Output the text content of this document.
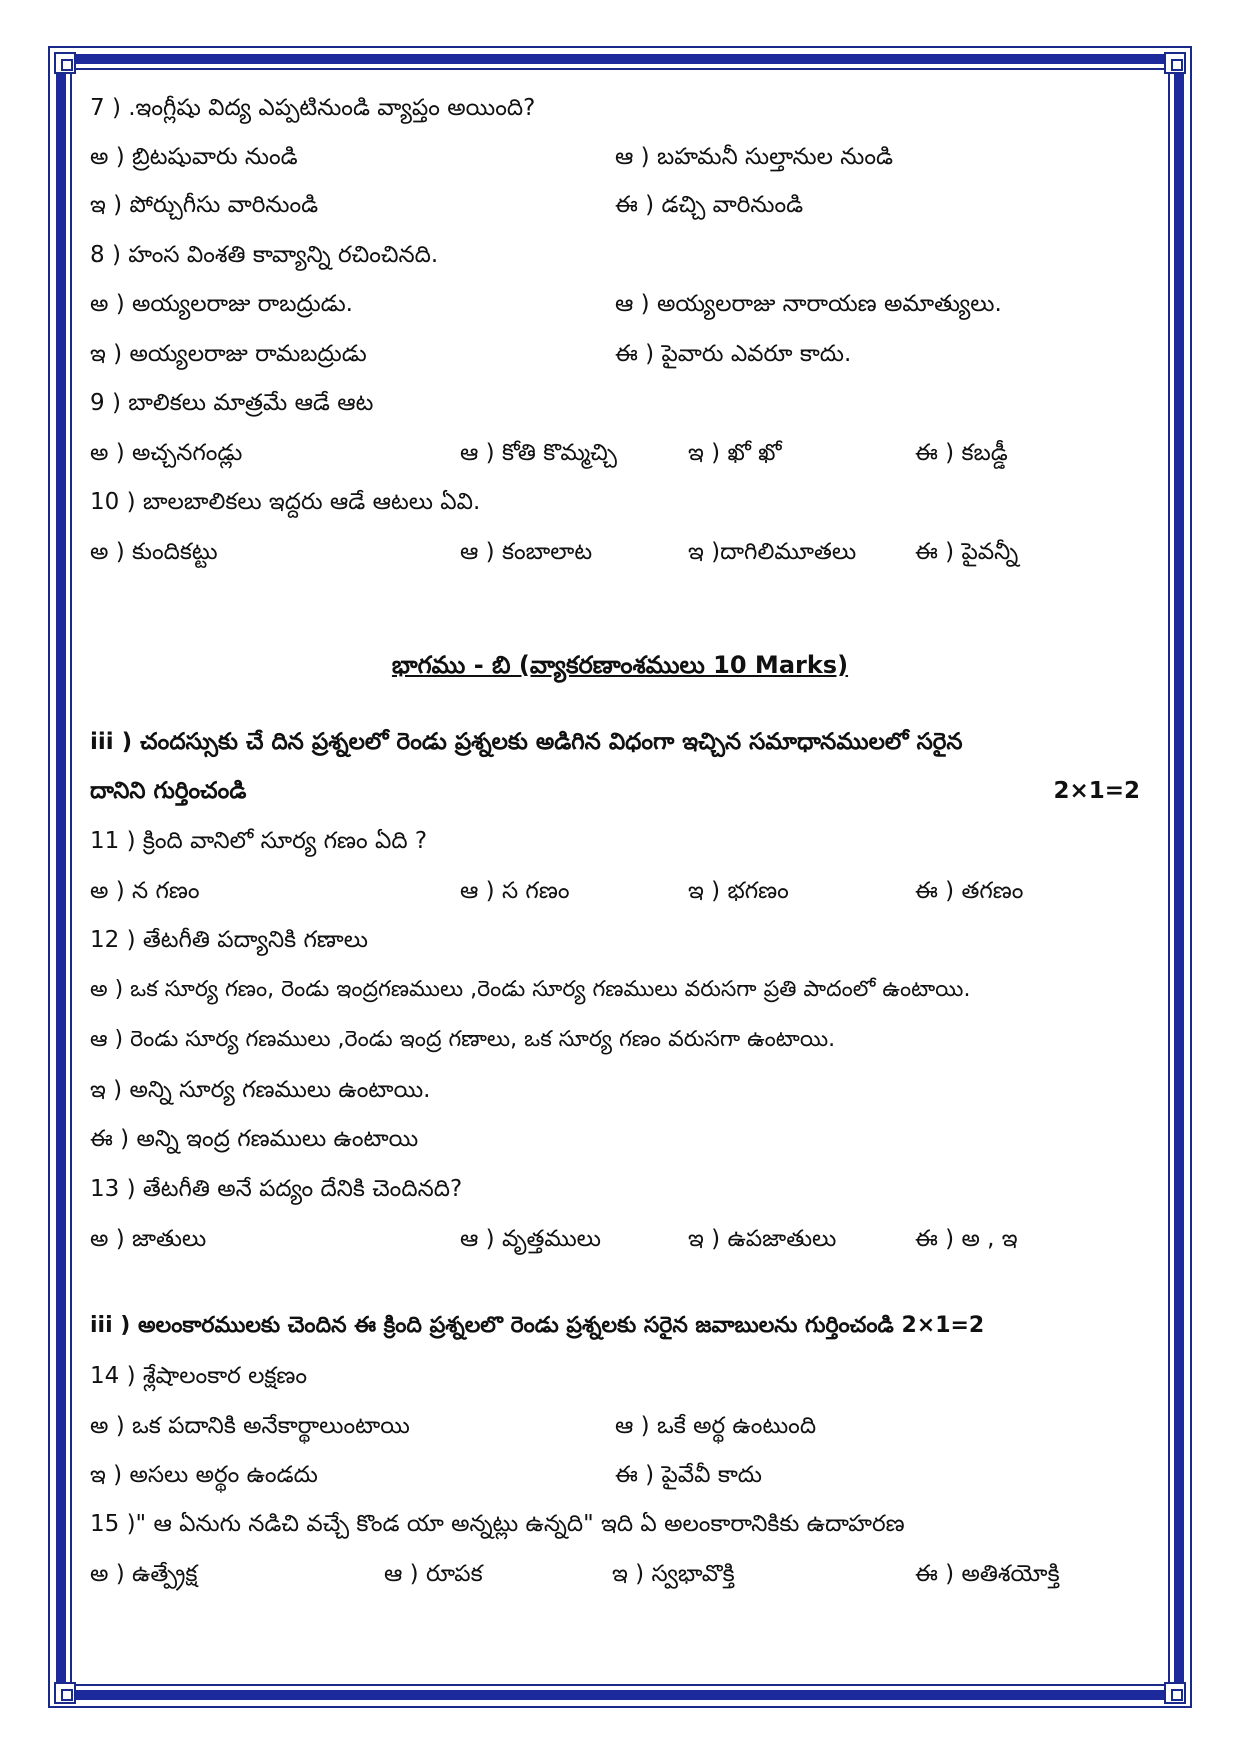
7 ) .ఇంగ్లీషు విద్య ఎప్పటినుండి వ్యాప్తం అయింది?
అ ) బ్రిటషువారు నుండి	ఆ ) బహమనీ సుల్తానుల నుండి
ఇ ) పోర్చుగీసు వారినుండి	ఈ ) డచ్చి వారినుండి
8 ) హంస వింశతి కావ్యాన్ని రచించినది.
అ ) అయ్యలరాజు రాబద్రుడు.	ఆ ) అయ్యలరాజు నారాయణ అమాత్యులు.
ఇ ) అయ్యలరాజు రామబద్రుడు	ఈ ) పైవారు ఎవరూ కాదు.
9 ) బాలికలు మాత్రమే ఆడే ఆట
అ ) అచ్చనగండ్లు	ఆ ) కోతి కొమ్మచ్చి	ఇ ) ఖో ఖో	ఈ ) కబడ్డీ
10 ) బాలబాలికలు ఇద్దరు ఆడే ఆటలు ఏవి.
అ ) కుందికట్టు	ఆ ) కంబాలాట	ఇ )దాగిలిమూతలు	ఈ ) పైవన్నీ
భాగము - బి (వ్యాకరణాంశములు 10 Marks)
iii ) చందస్సుకు చే దిన ప్రశ్నలలో రెండు ప్రశ్నలకు అడిగిన విధంగా ఇచ్చిన సమాధానములలో సరైన
దానిని గుర్తించండి	2×1=2
11 ) క్రింది వానిలో సూర్య గణం ఏది ?
అ ) న గణం	ఆ ) స గణం	ఇ ) భగణం	ఈ ) తగణం
12 ) తేటగీతి పద్యానికి గణాలు
అ ) ఒక సూర్య గణం, రెండు ఇంద్రగణములు ,రెండు సూర్య గణములు వరుసగా ప్రతి పాదంలో ఉంటాయి.
ఆ ) రెండు సూర్య గణములు ,రెండు ఇంద్ర గణాలు, ఒక సూర్య గణం వరుసగా ఉంటాయి.
ఇ ) అన్ని సూర్య గణములు ఉంటాయి.
ఈ ) అన్ని ఇంద్ర గణములు ఉంటాయి
13 ) తేటగీతి అనే పద్యం దేనికి చెందినది?
అ ) జాతులు	ఆ ) వృత్తములు	ఇ ) ఉపజాతులు	ఈ ) అ , ఇ
iii ) అలంకారములకు చెందిన ఈ క్రింది ప్రశ్నలలొ రెండు ప్రశ్నలకు సరైన జవాబులను గుర్తించండి 2×1=2
14 ) శ్లేషాలంకార లక్షణం
అ ) ఒక పదానికి అనేకార్థాలుంటాయి	ఆ ) ఒకే అర్థ ఉంటుంది
ఇ ) అసలు అర్థం ఉండదు	ఈ ) పైవేవీ కాదు
15 )" ఆ ఏనుగు నడిచి వచ్చే కొండ యా అన్నట్లు ఉన్నది" ఇది ఏ అలంకారానికికు ఉదాహరణ
అ ) ఉత్ప్రేక్ష	ఆ ) రూపక	ఇ ) స్వభావొక్తి	ఈ ) అతిశయోక్తి
